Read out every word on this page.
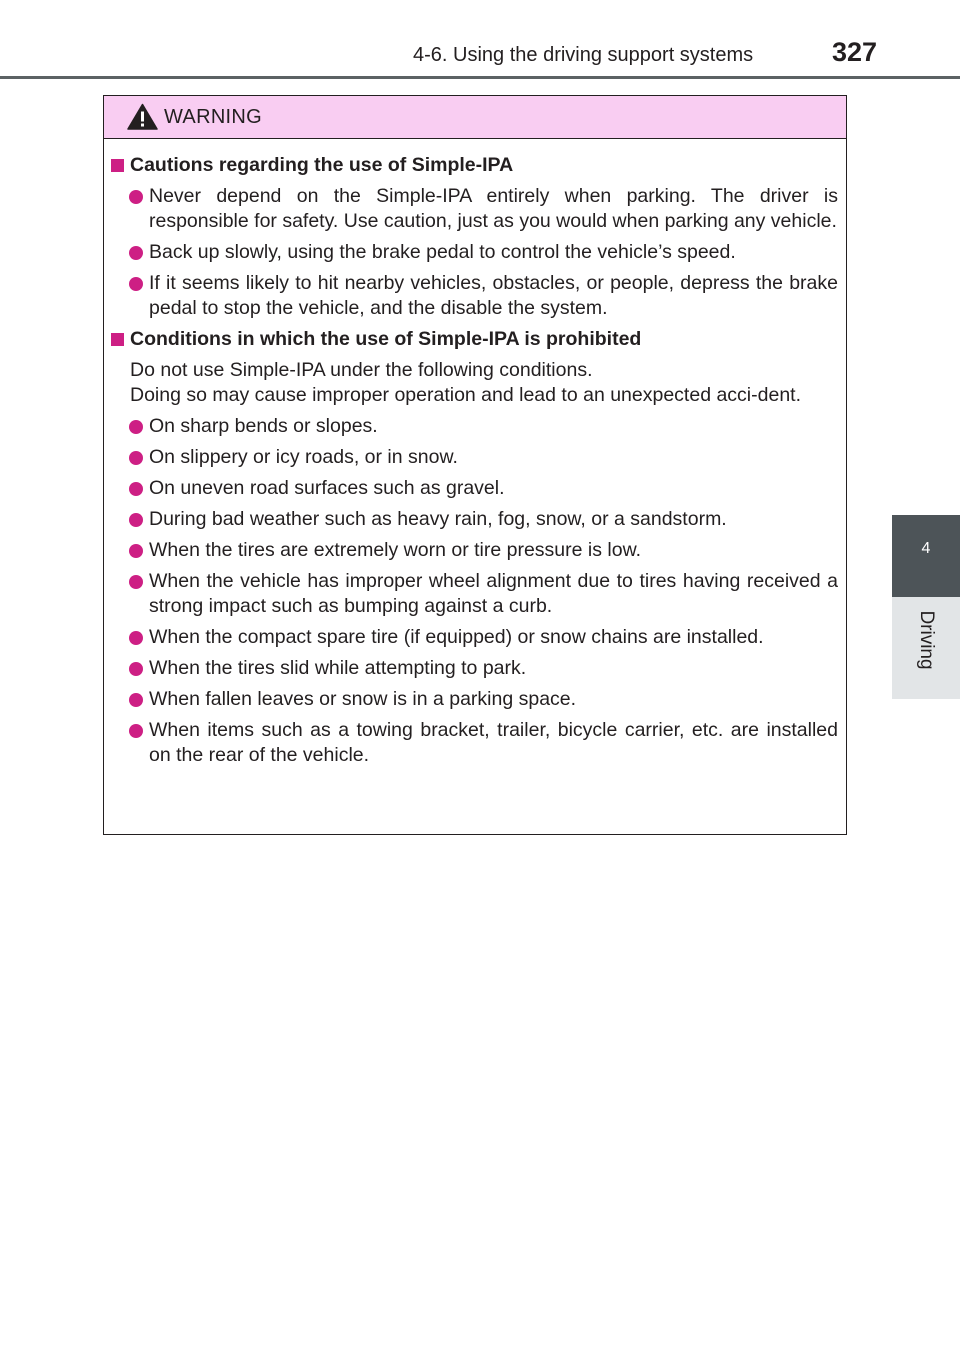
4-6. Using the driving support systems	327
4
Driving
WARNING
Cautions regarding the use of Simple-IPA
Never depend on the Simple-IPA entirely when parking. The driver is responsible for safety. Use caution, just as you would when parking any vehicle.
Back up slowly, using the brake pedal to control the vehicle’s speed.
If it seems likely to hit nearby vehicles, obstacles, or people, depress the brake pedal to stop the vehicle, and the disable the system.
Conditions in which the use of Simple-IPA is prohibited
Do not use Simple-IPA under the following conditions.
Doing so may cause improper operation and lead to an unexpected acci-dent.
On sharp bends or slopes.
On slippery or icy roads, or in snow.
On uneven road surfaces such as gravel.
During bad weather such as heavy rain, fog, snow, or a sandstorm.
When the tires are extremely worn or tire pressure is low.
When the vehicle has improper wheel alignment due to tires having received a strong impact such as bumping against a curb.
When the compact spare tire (if equipped) or snow chains are installed.
When the tires slid while attempting to park.
When fallen leaves or snow is in a parking space.
When items such as a towing bracket, trailer, bicycle carrier, etc. are installed on the rear of the vehicle.
